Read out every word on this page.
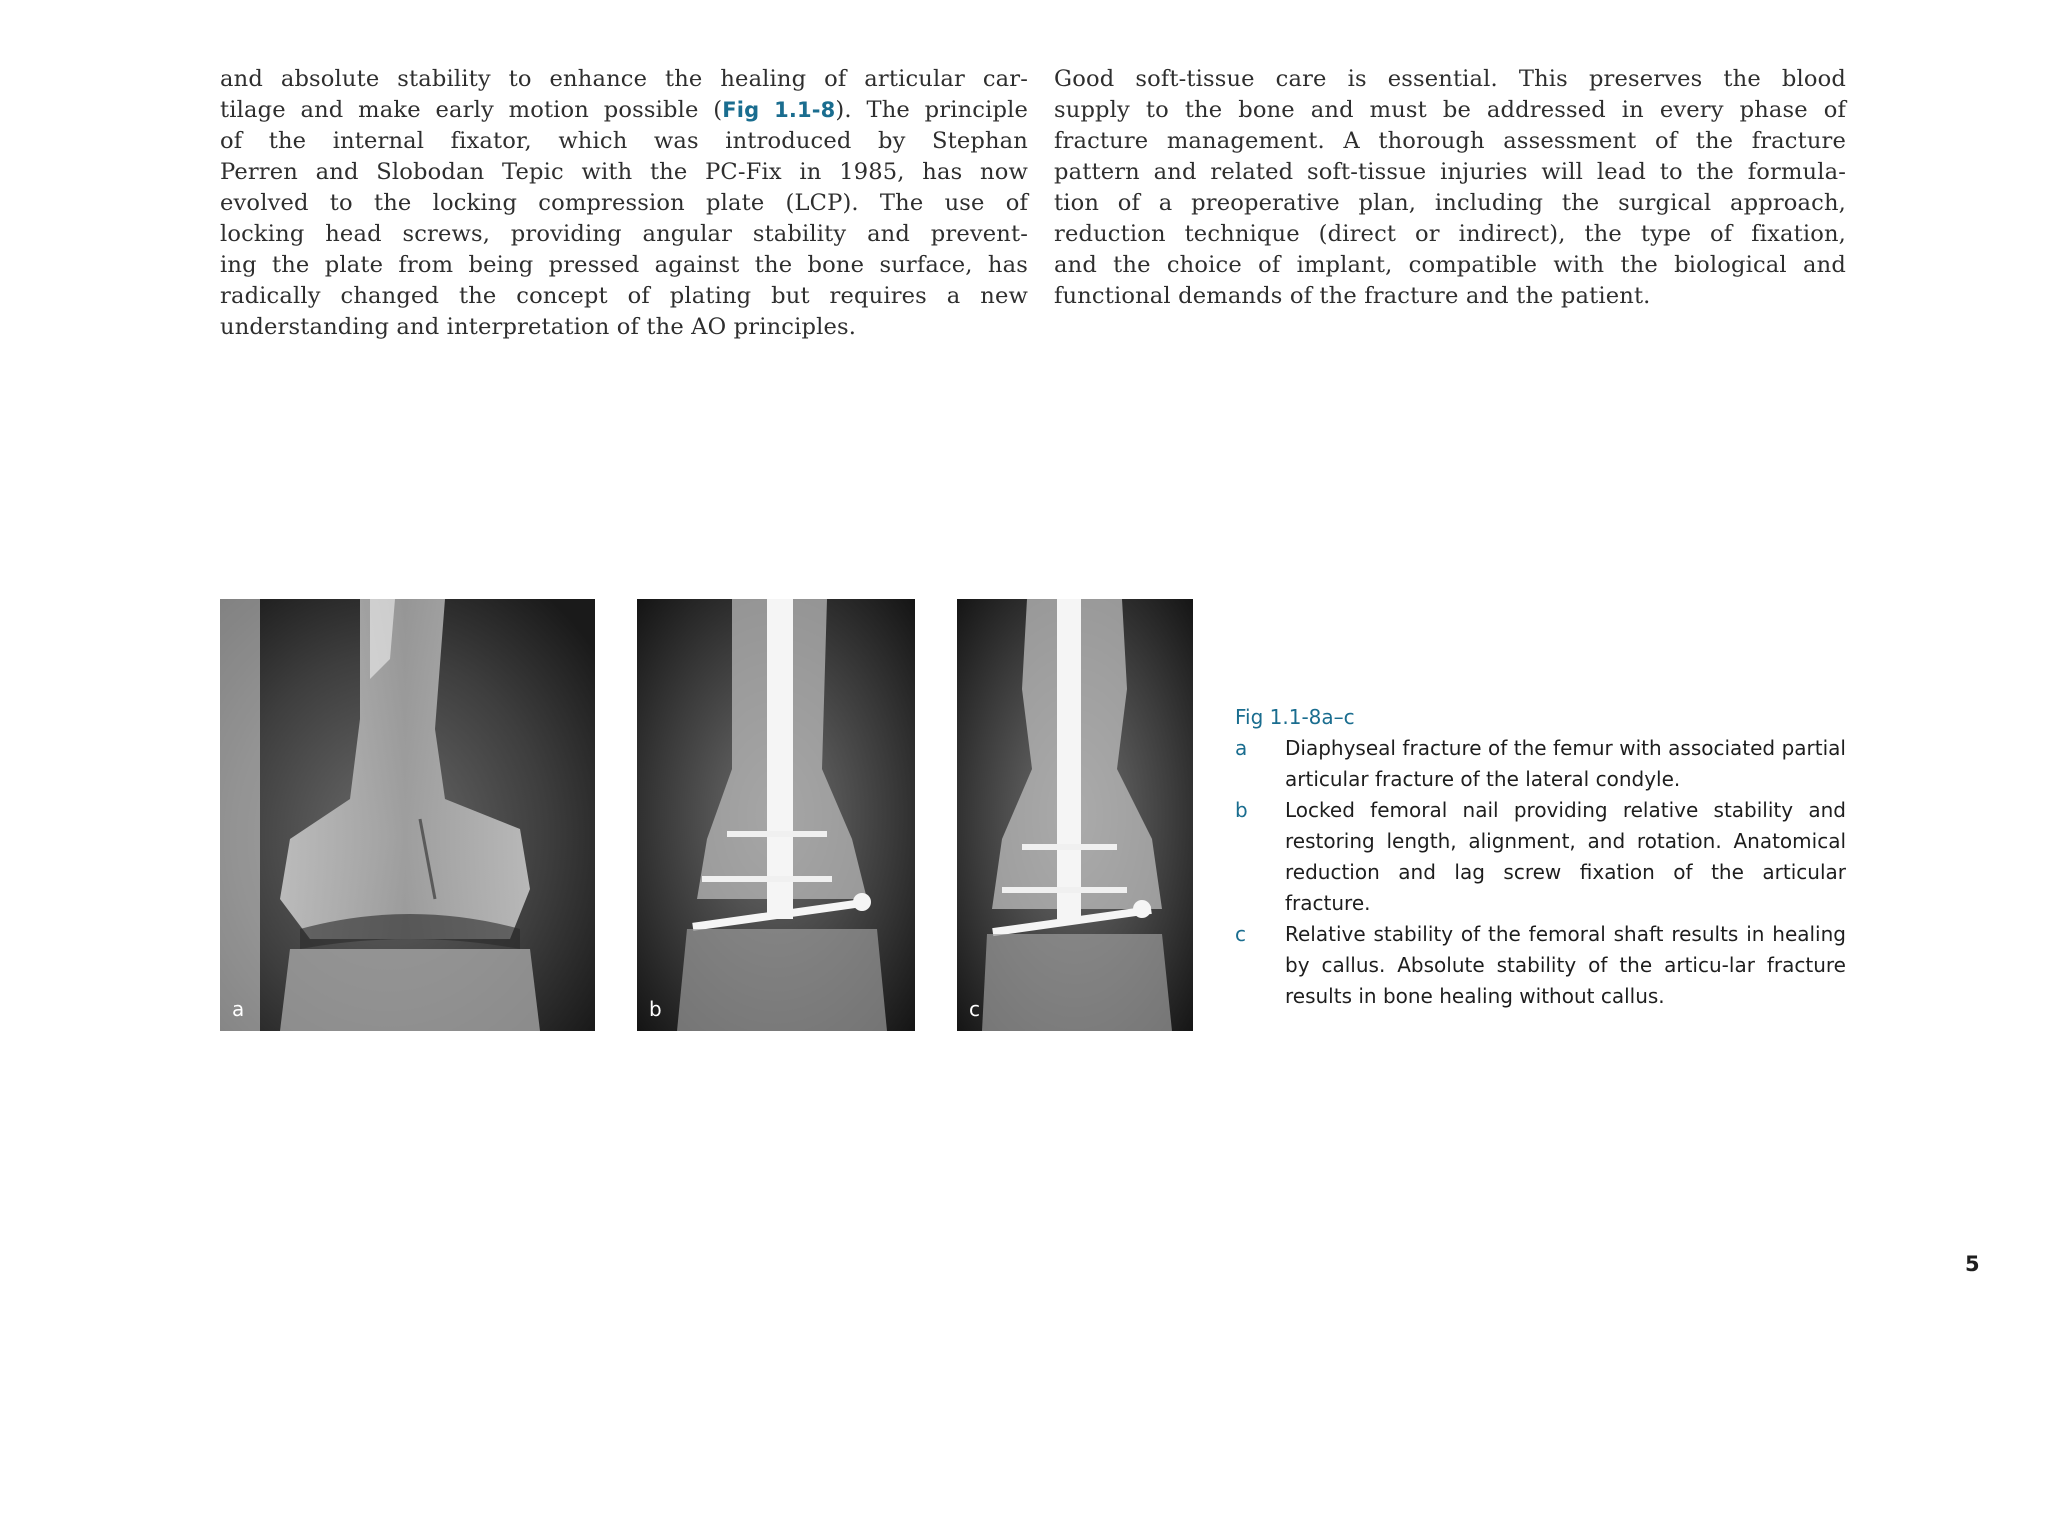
and absolute stability to enhance the healing of articular car-
tilage and make early motion possible (Fig 1.1-8). The principle
of the internal fixator, which was introduced by Stephan
Perren and Slobodan Tepic with the PC-Fix in 1985, has now
evolved to the locking compression plate (LCP). The use of
locking head screws, providing angular stability and prevent-
ing the plate from being pressed against the bone surface, has
radically changed the concept of plating but requires a new
understanding and interpretation of the AO principles.
Good soft-tissue care is essential. This preserves the blood
supply to the bone and must be addressed in every phase of
fracture management. A thorough assessment of the fracture
pattern and related soft-tissue injuries will lead to the formula-
tion of a preoperative plan, including the surgical approach,
reduction technique (direct or indirect), the type of fixation,
and the choice of implant, compatible with the biological and
functional demands of the fracture and the patient.
a	b	c
Fig 1.1-8a–c
a	Diaphyseal fracture of the femur with associated partial articular fracture of the lateral condyle.
b	Locked femoral nail providing relative stability and restoring length, alignment, and rotation. Anatomical reduction and lag screw fixation of the articular fracture.
c	Relative stability of the femoral shaft results in healing by callus. Absolute stability of the articu-lar fracture results in bone healing without callus.
5
